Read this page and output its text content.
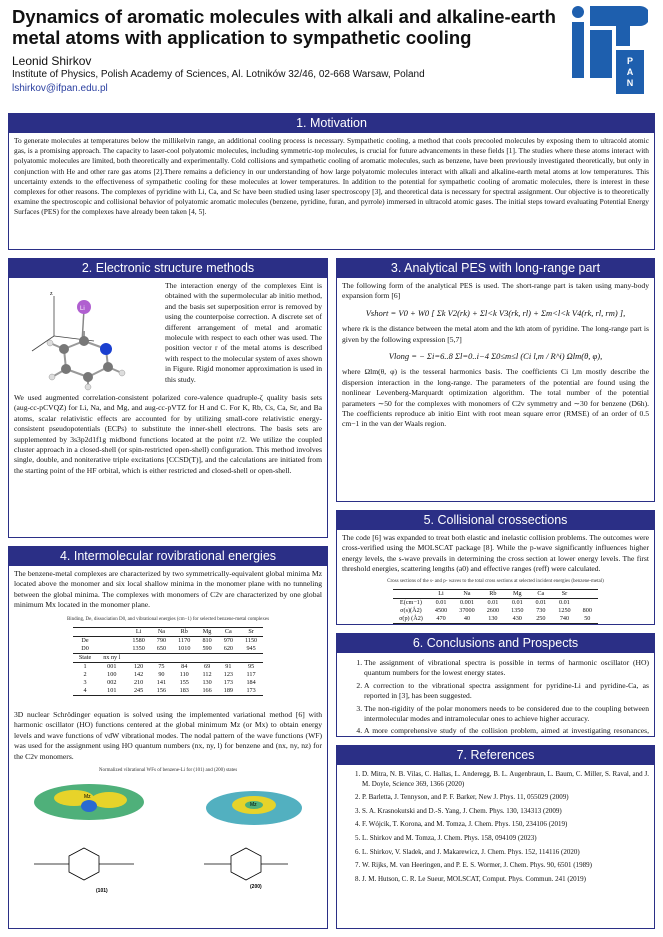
Dynamics of aromatic molecules with alkali and alkaline-earth metal atoms with application to sympathetic cooling
Leonid Shirkov
Institute of Physics, Polish Academy of Sciences, Al. Lotników 32/46, 02-668 Warsaw, Poland
lshirkov@ifpan.edu.pl
P
A
N
1. Motivation
To generate molecules at temperatures below the millikelvin range, an additional cooling process is necessary. Sympathetic cooling, a method that cools precooled molecules by exposing them to ultracold atomic gas, is a promising approach. The capacity to laser-cool polyatomic molecules, including symmetric-top molecules, is crucial for future advancements in these fields [1]. The studies where these atoms interact with polyatomic molecules are limited, both theoretically and experimentally. Cold collisions and sympathetic cooling of aromatic molecules, such as benzene, have been previously investigated theoretically, but only in conjunction with He and other rare gas atoms [2].There remains a deficiency in our understanding of how large polyatomic molecules interact with alkali and alkaline-earth metal atoms at low temperatures. This uncertainty extends to the effectiveness of sympathetic cooling for these molecules at lower temperatures. In addition to the potential for sympathetic cooling of aromatic molecules, there is interest in these complexes for other reasons. The complexes of pyridine with Li, Ca, and Sc have been studied using laser spectroscopy [3], and theoretical data is necessary for spectral assignment. Our objective is to theoretically examine the spectroscopic and collisional behavior of polyatomic aromatic molecules (benzene, pyridine, furan, and pyrrole) immersed in ultracold atomic gases. The initial steps toward evaluating Potential Energy Surfaces (PES) for the complexes have already been taken [4, 5].
2. Electronic structure methods
z
Li

The interaction energy of the complexes Eint is obtained with the supermolecular ab initio method, and the basis set superposition error is removed by using the counterpoise correction. A discrete set of different arrangement of metal and aromatic molecule with respect to each other was used. The position vector r of the metal atoms is described with respect to the molecular system of axes shown in Figure. Rigid monomer approximation is used in this study.

We used augmented correlation-consistent polarized core-valence quadruple-ζ quality basis sets (aug-cc-pCVQZ) for Li, Na, and Mg, and aug-cc-pVTZ for H and C. For K, Rb, Cs, Ca, Sr, and Ba atoms, scalar relativistic effects are accounted for by utilizing small-core relativistic energy-consistent pseudopotentials (ECPs) to substitute the inner-shell electrons. The basis sets are supplemented by 3s3p2d1f1g midbond functions located at the point r/2. We utilize the coupled cluster approach in a closed-shell (or spin-restricted open-shell) configuration. This method involves single, double, and noniterative triple excitations [CCSD(T)], and the calculations are initiated from the starting point of the HF orbital, which is either restricted and closed-shell or open-shell.

4. Intermolecular rovibrational energies

The benzene-metal complexes are characterized by two symmetrically-equivalent global minima Mz located above the monomer and six local shallow minima in the monomer plane with no tunneling between the global minima. The complexes with monomers of C2v are characterized by one global minimum Mx located in the monomer plane.

Binding, De, dissociation D0, and vibrational energies (cm−1) for selected benzene-metal complexes
		Li	Na	Rb	Mg	Ca	Sr
De		1580	790	1170	810	970	1150
D0		1350	650	1010	590	620	945
State	nx ny l						
1	001	120	75	84	69	91	95
2	100	142	90	110	112	123	117
3	002	210	141	155	130	173	184
4	101	245	156	183	166	189	173

3D nuclear Schrödinger equation is solved using the implemented variational method [6] with harmonic oscillator (HO) functions centered at the global minimum Mz (or Mx) to obtain energy levels and wave functions of vdW vibrational modes. The nodal pattern of the wave functions (WF) was used for the assignment using HO quantum numbers (nx, ny, l) for benzene and (nx, ny, nz) for the C2v monomers.

Normalized vibrational WFs of benzene-Li for (101) and (200) states
Mz
Mz
(101)
(200)
3. Analytical PES with long-range part

The following form of the analytical PES is used. The short-range part is taken using many-body expansion form [6]

Vshort = V0 + W0 [ Σk V2(rk) + Σl<k V3(rk, rl) + Σm<l<k V4(rk, rl, rm) ],

where rk is the distance between the metal atom and the kth atom of pyridine. The long-range part is given by the following expression [5,7]

Vlong = − Σi=6..8 Σl=0..i−4 Σ0≤m≤l (Ci l,m / R^i) Ωlm(θ, φ),

where Ωlm(θ, φ) is the tesseral harmonics basis. The coefficients Ci l,m mostly describe the dispersion interaction in the long-range. The parameters of the potential are found using the nonlinear Levenberg-Marquardt optimization algorithm. The total number of the potential parameters ∼50 for the complexes with monomers of C2v symmetry and ∼30 for benzene (D6h). The coefficients reproduce ab initio Eint with root mean square error (RMSE) of an order of 0.5 cm−1 in the van der Waals region.

5. Collisional crossections

The code [6] was expanded to treat both elastic and inelastic collision problems. The outcomes were cross-verified using the MOLSCAT package [8]. While the p-wave significantly influences higher energy levels, the s-wave prevails in determining the cross section at lower energy levels. The first threshold energies, scattering lengths (a0) and effective ranges (reff) were calculated.

Cross sections of the s- and p- waves to the total cross sections at selected incident energies (benzene-metal)
	Li	Na	Rb	Mg	Ca	Sr	
E(cm−1)	0.01	0.001	0.01	0.01	0.01	0.01	
σ(s)(Å2)	4500	37000	2600	1350	730	1250	800
σ(p) (Å2)	470	40	130	430	250	740	50
6. Conclusions and Prospects
1. The assignment of vibrational spectra is possible in terms of harmonic oscillator (HO) quantum numbers for the lowest energy states.
2. A correction to the vibrational spectra assignment for pyridine-Li and pyridine-Ca, as reported in [3], has been suggested.
3. The non-rigidity of the polar monomers needs to be considered due to the coupling between intermolecular modes and intramolecular ones to achieve higher accuracy.
4. A more comprehensive study of the collision problem, aimed at investigating resonances,
7. References
1. D. Mitra, N. B. Vilas, C. Hallas, L. Anderegg, B. L. Augenbraun, L. Baum, C. Miller, S. Raval, and J. M. Doyle, Science 369, 1366 (2020)
2. P. Barletta, J. Tennyson, and P. F. Barker, New J. Phys. 11, 055029 (2009)
3. S. A. Krasnokutski and D.-S. Yang, J. Chem. Phys. 130, 134313 (2009)
4. F. Wójcik, T. Korona, and M. Tomza, J. Chem. Phys. 150, 234106 (2019)
5. L. Shirkov and M. Tomza, J. Chem. Phys. 158, 094109 (2023)
6. L. Shirkov, V. Sladek, and J. Makarewicz, J. Chem. Phys. 152, 114116 (2020)
7. W. Rijks, M. van Heeringen, and P. E. S. Wormer, J. Chem. Phys. 90, 6501 (1989)
8. J. M. Hutson, C. R. Le Sueur, MOLSCAT, Comput. Phys. Commun. 241 (2019)
